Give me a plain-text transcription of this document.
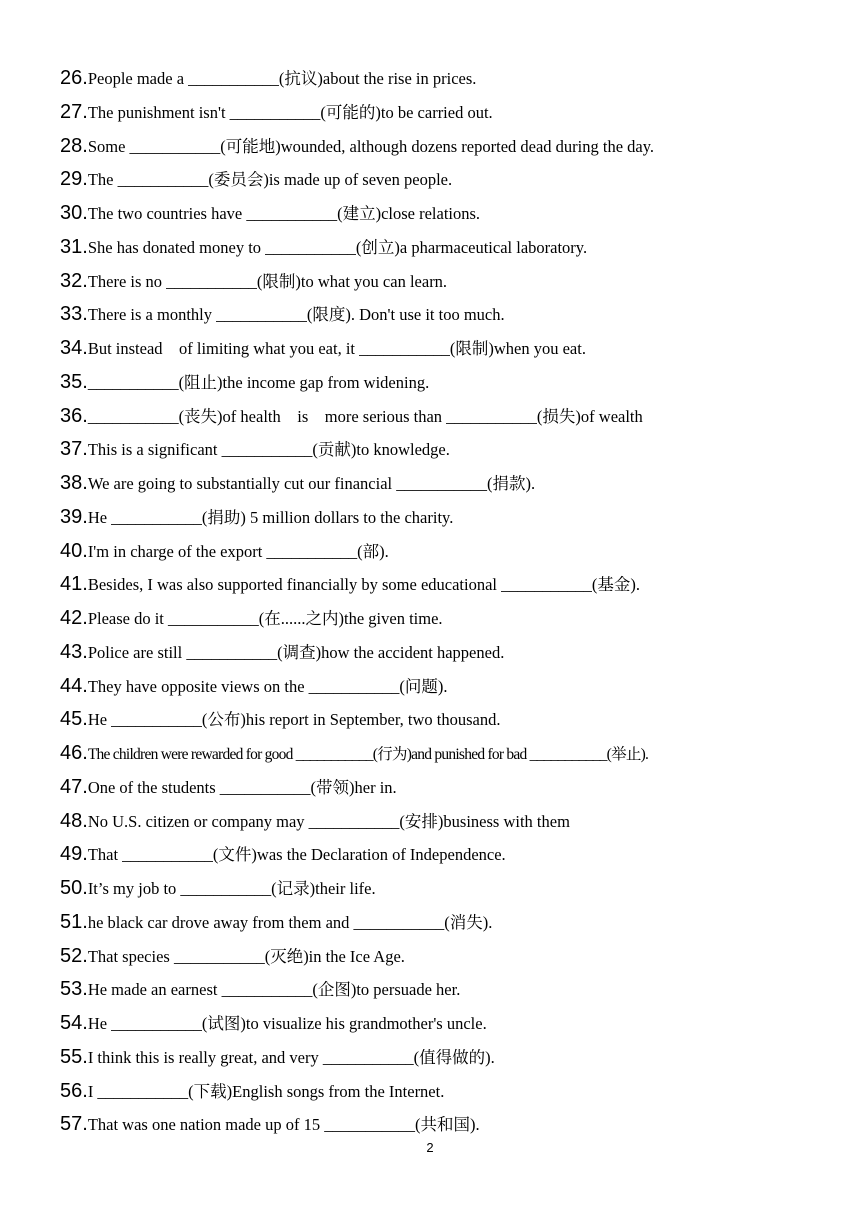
26.People made a ___________(抗议)about the rise in prices.
27.The punishment isn't ___________(可能的)to be carried out.
28.Some ___________(可能地)wounded, although dozens reported dead during the day.
29.The ___________(委员会)is made up of seven people.
30.The two countries have ___________(建立)close relations.
31.She has donated money to ___________(创立)a pharmaceutical laboratory.
32.There is no ___________(限制)to what you can learn.
33.There is a monthly ___________(限度). Don't use it too much.
34.But instead    of limiting what you eat, it ___________(限制)when you eat.
35.___________(阻止)the income gap from widening.
36.___________(丧失)of health    is    more serious than ___________(损失)of wealth
37.This is a significant ___________(贡献)to knowledge.
38.We are going to substantially cut our financial ___________(捐款).
39.He ___________(捐助) 5 million dollars to the charity.
40.I'm in charge of the export ___________(部).
41.Besides, I was also supported financially by some educational ___________(基金).
42.Please do it ___________(在......之内)the given time.
43.Police are still ___________(调查)how the accident happened.
44.They have opposite views on the ___________(问题).
45.He ___________(公布)his report in September, two thousand.
46.The children were rewarded for good ___________(行为)and punished for bad ___________(举止).
47.One of the students ___________(带领)her in.
48.No U.S. citizen or company may ___________(安排)business with them
49.That ___________(文件)was the Declaration of Independence.
50.It’s my job to ___________(记录)their life.
51.he black car drove away from them and ___________(消失).
52.That species ___________(灭绝)in the Ice Age.
53.He made an earnest ___________(企图)to persuade her.
54.He ___________(试图)to visualize his grandmother's uncle.
55.I think this is really great, and very ___________(值得做的).
56.I ___________(下载)English songs from the Internet.
57.That was one nation made up of 15 ___________(共和国).
2
